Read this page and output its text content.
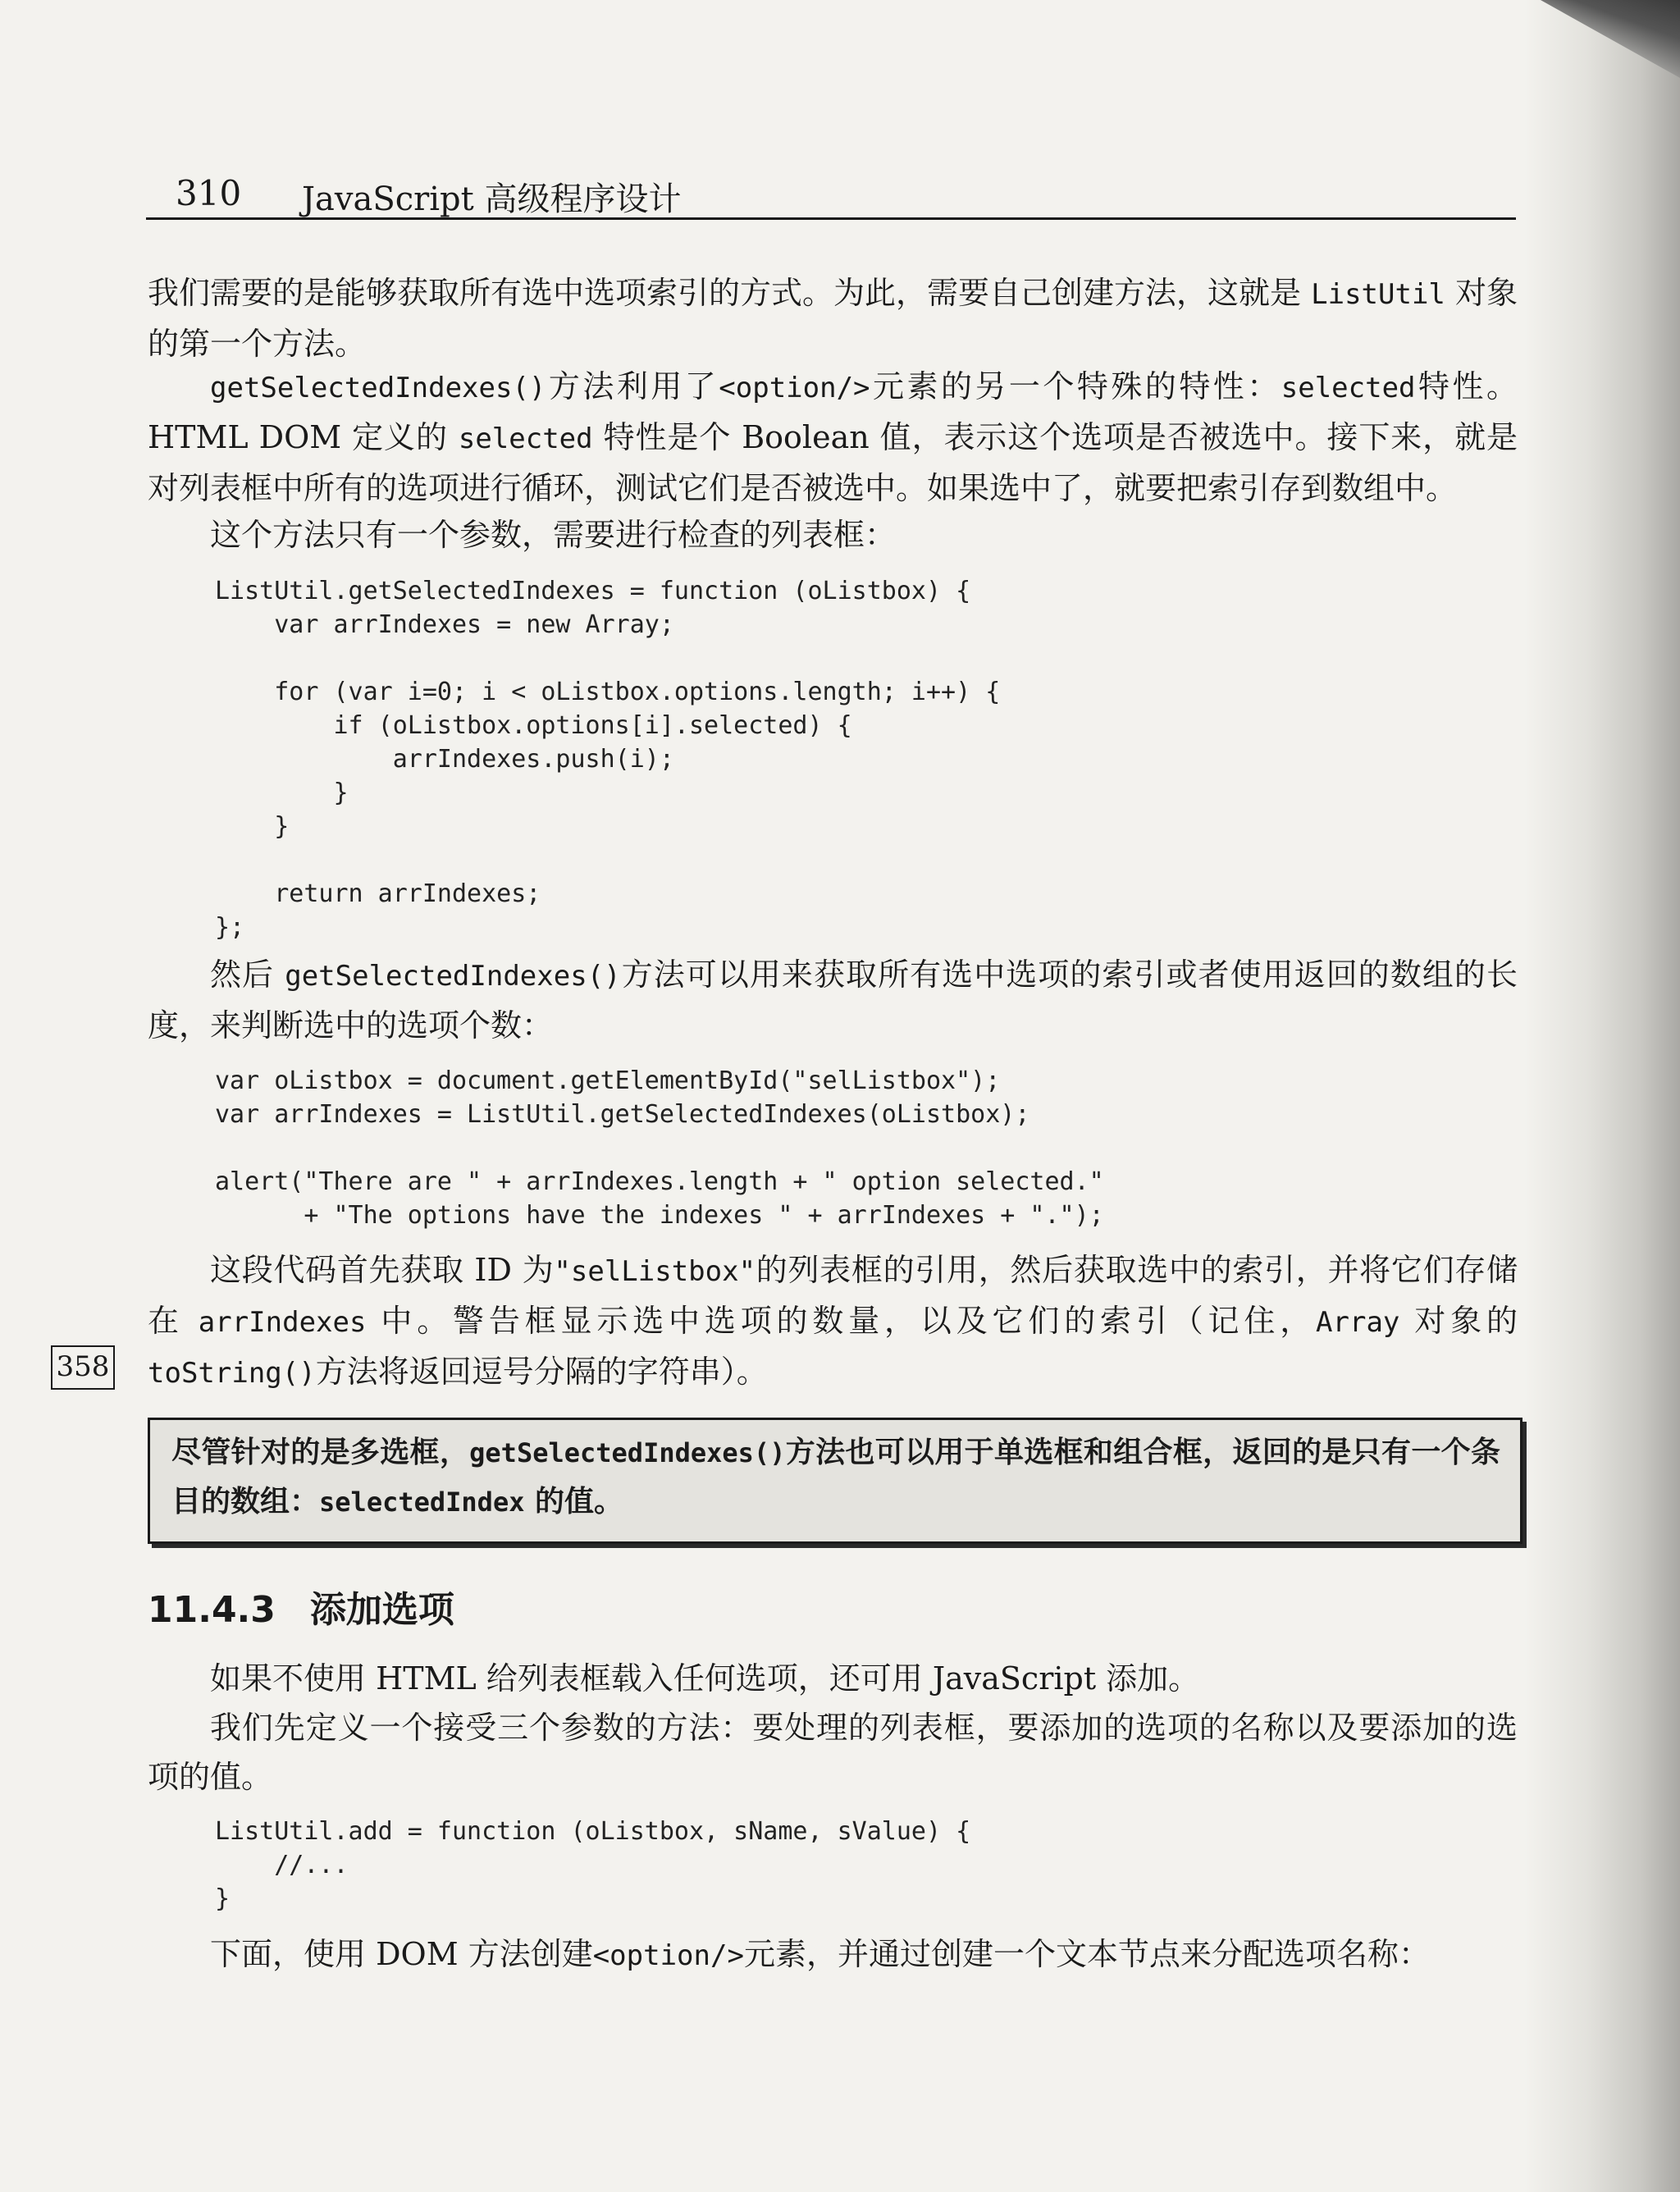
310 JavaScript 高级程序设计

我们需要的是能够获取所有选中选项索引的方式。为此，需要自己创建方法，这就是 ListUtil 对象的第一个方法。

getSelectedIndexes()方法利用了<option/>元素的另一个特殊的特性：selected特性。HTML DOM 定义的 selected 特性是个 Boolean 值，表示这个选项是否被选中。接下来，就是对列表框中所有的选项进行循环，测试它们是否被选中。如果选中了，就要把索引存到数组中。

这个方法只有一个参数，需要进行检查的列表框：

ListUtil.getSelectedIndexes = function (oListbox) {
var arrIndexes = new Array;

for (var i=0; i < oListbox.options.length; i++) {
if (oListbox.options[i].selected) {
arrIndexes.push(i);
}
}

return arrIndexes;
};

然后 getSelectedIndexes()方法可以用来获取所有选中选项的索引或者使用返回的数组的长度，来判断选中的选项个数：

var oListbox = document.getElementById("selListbox");
var arrIndexes = ListUtil.getSelectedIndexes(oListbox);

alert("There are " + arrIndexes.length + " option selected."
+ "The options have the indexes " + arrIndexes + ".");

这段代码首先获取 ID 为"selListbox"的列表框的引用，然后获取选中的索引，并将它们存储在 arrIndexes 中。警告框显示选中选项的数量，以及它们的索引（记住，Array 对象的 toString()方法将返回逗号分隔的字符串）。

358

尽管针对的是多选框，getSelectedIndexes()方法也可以用于单选框和组合框，返回的是只有一个条目的数组：selectedIndex 的值。

11.4.3 添加选项

如果不使用 HTML 给列表框载入任何选项，还可用 JavaScript 添加。

我们先定义一个接受三个参数的方法：要处理的列表框，要添加的选项的名称以及要添加的选项的值。

ListUtil.add = function (oListbox, sName, sValue) {
//...
}

下面，使用 DOM 方法创建<option/>元素，并通过创建一个文本节点来分配选项名称：
